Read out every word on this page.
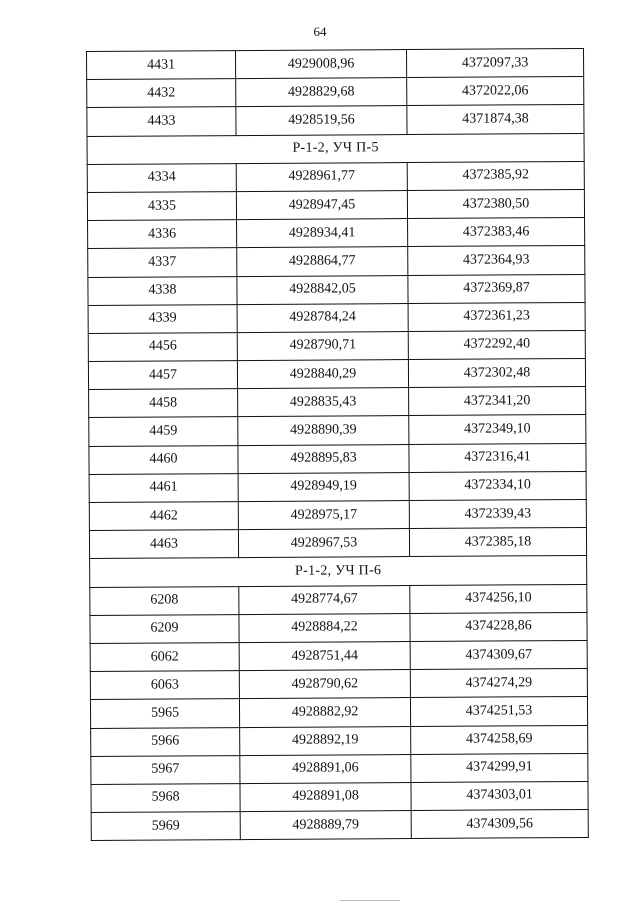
64
4431	4929008,96	4372097,33
4432	4928829,68	4372022,06
4433	4928519,56	4371874,38
Р-1-2, УЧ П-5		
4334	4928961,77	4372385,92
4335	4928947,45	4372380,50
4336	4928934,41	4372383,46
4337	4928864,77	4372364,93
4338	4928842,05	4372369,87
4339	4928784,24	4372361,23
4456	4928790,71	4372292,40
4457	4928840,29	4372302,48
4458	4928835,43	4372341,20
4459	4928890,39	4372349,10
4460	4928895,83	4372316,41
4461	4928949,19	4372334,10
4462	4928975,17	4372339,43
4463	4928967,53	4372385,18
Р-1-2, УЧ П-6		
6208	4928774,67	4374256,10
6209	4928884,22	4374228,86
6062	4928751,44	4374309,67
6063	4928790,62	4374274,29
5965	4928882,92	4374251,53
5966	4928892,19	4374258,69
5967	4928891,06	4374299,91
5968	4928891,08	4374303,01
5969	4928889,79	4374309,56
